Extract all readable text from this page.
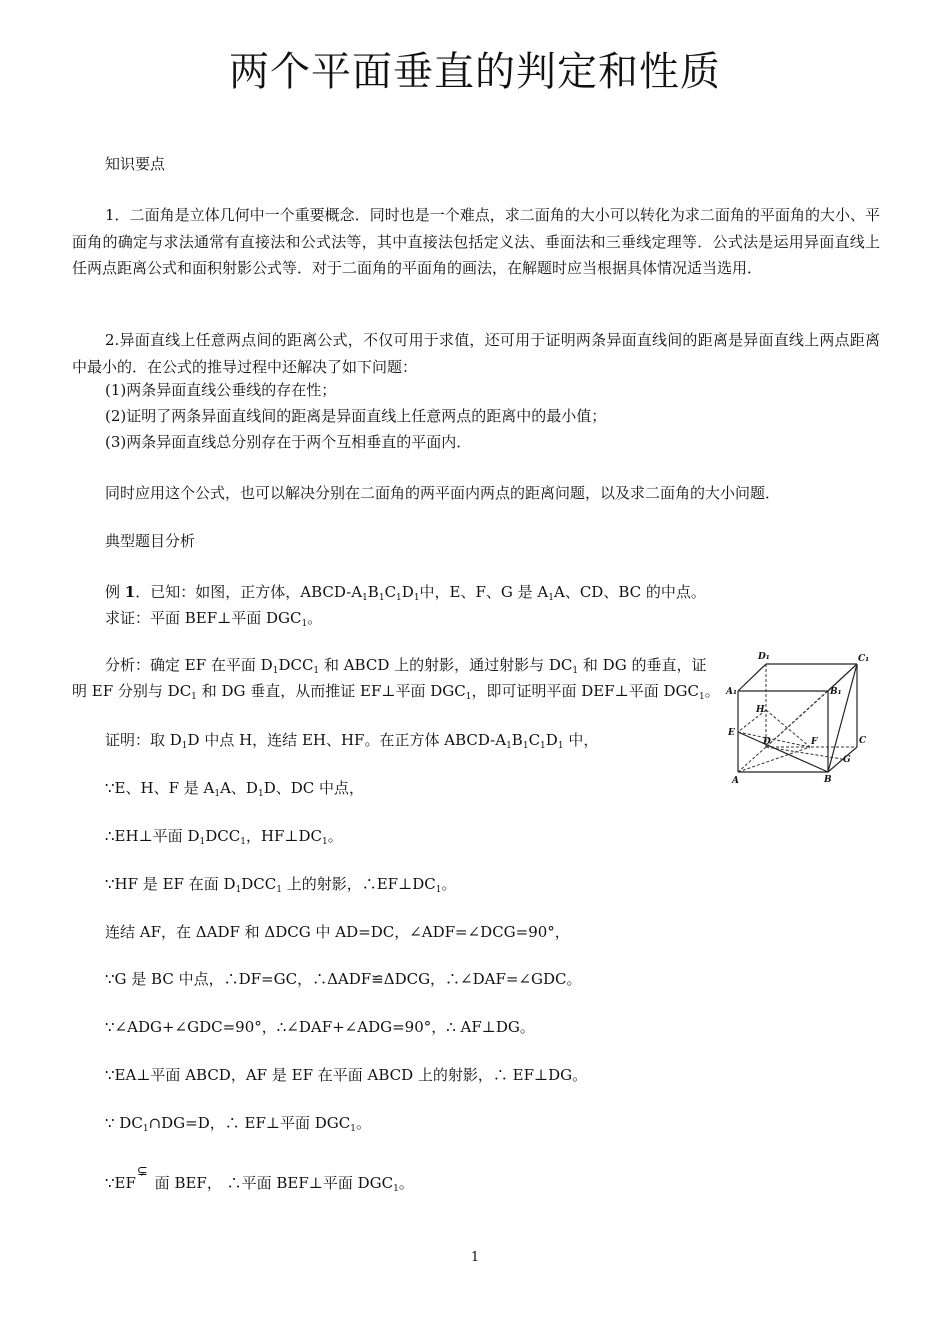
两个平面垂直的判定和性质
知识要点

1．二面角是立体几何中一个重要概念．同时也是一个难点，求二面角的大小可以转化为求二面角的平面角的大小、平面角的确定与求法通常有直接法和公式法等，其中直接法包括定义法、垂面法和三垂线定理等．公式法是运用异面直线上任两点距离公式和面积射影公式等．对于二面角的平面角的画法，在解题时应当根据具体情况适当选用．

2.异面直线上任意两点间的距离公式，不仅可用于求值，还可用于证明两条异面直线间的距离是异面直线上两点距离中最小的．在公式的推导过程中还解决了如下问题：

(1)两条异面直线公垂线的存在性；
(2)证明了两条异面直线间的距离是异面直线上任意两点的距离中的最小值；
(3)两条异面直线总分别存在于两个互相垂直的平面内．
同时应用这个公式，也可以解决分别在二面角的两平面内两点的距离问题，以及求二面角的大小问题．
典型题目分析
例 1．已知：如图，正方体，ABCD-$A_1B_1C_1D_1$中，E、F、G 是 $A_1A$、CD、BC 的中点。
求证：平面 BEF⊥平面 $DGC_1$。
分析：确定 EF 在平面 $D_1DCC_1$ 和 ABCD 上的射影，通过射影与 $DC_1$ 和 DG 的垂直，证
明 EF 分别与 $DC_1$ 和 DG 垂直，从而推证 EF⊥平面 $DGC_1$，即可证明平面 DEF⊥平面 $DGC_1$。
D₁	C₁
A₁	B₁
H
E
D	F	C
G
A	B
证明：取 $D_1D$ 中点 H，连结 EH、HF。在正方体 ABCD-$A_1B_1C_1D_1$ 中，
∵E、H、F 是 $A_1A$、$D_1D$、DC 中点，
∴EH⊥平面 $D_1DCC_1$，$HF\perp DC_1$。
∵HF 是 EF 在面 $D_1DCC_1$ 上的射影，$\therefore EF\perp DC_1$。
连结 AF，在 ΔADF 和 ΔDCG 中 AD=DC，∠ADF=∠DCG=90°，
∵G 是 BC 中点，∴DF=GC，∴ΔADF≌ΔDCG，∴∠DAF=∠GDC。
∵∠ADG+∠GDC=90°，∴∠DAF+∠ADG=90°，∴ AF⊥DG。
∵EA⊥平面 ABCD，AF 是 EF 在平面 ABCD 上的射影，∴ EF⊥DG。
∵ $DC_1\cap DG=D$，∴ EF⊥平面 $DGC_1$。
∵EF
⊊
面 BEF， ∴平面 BEF⊥平面 $DGC_1$。
1
